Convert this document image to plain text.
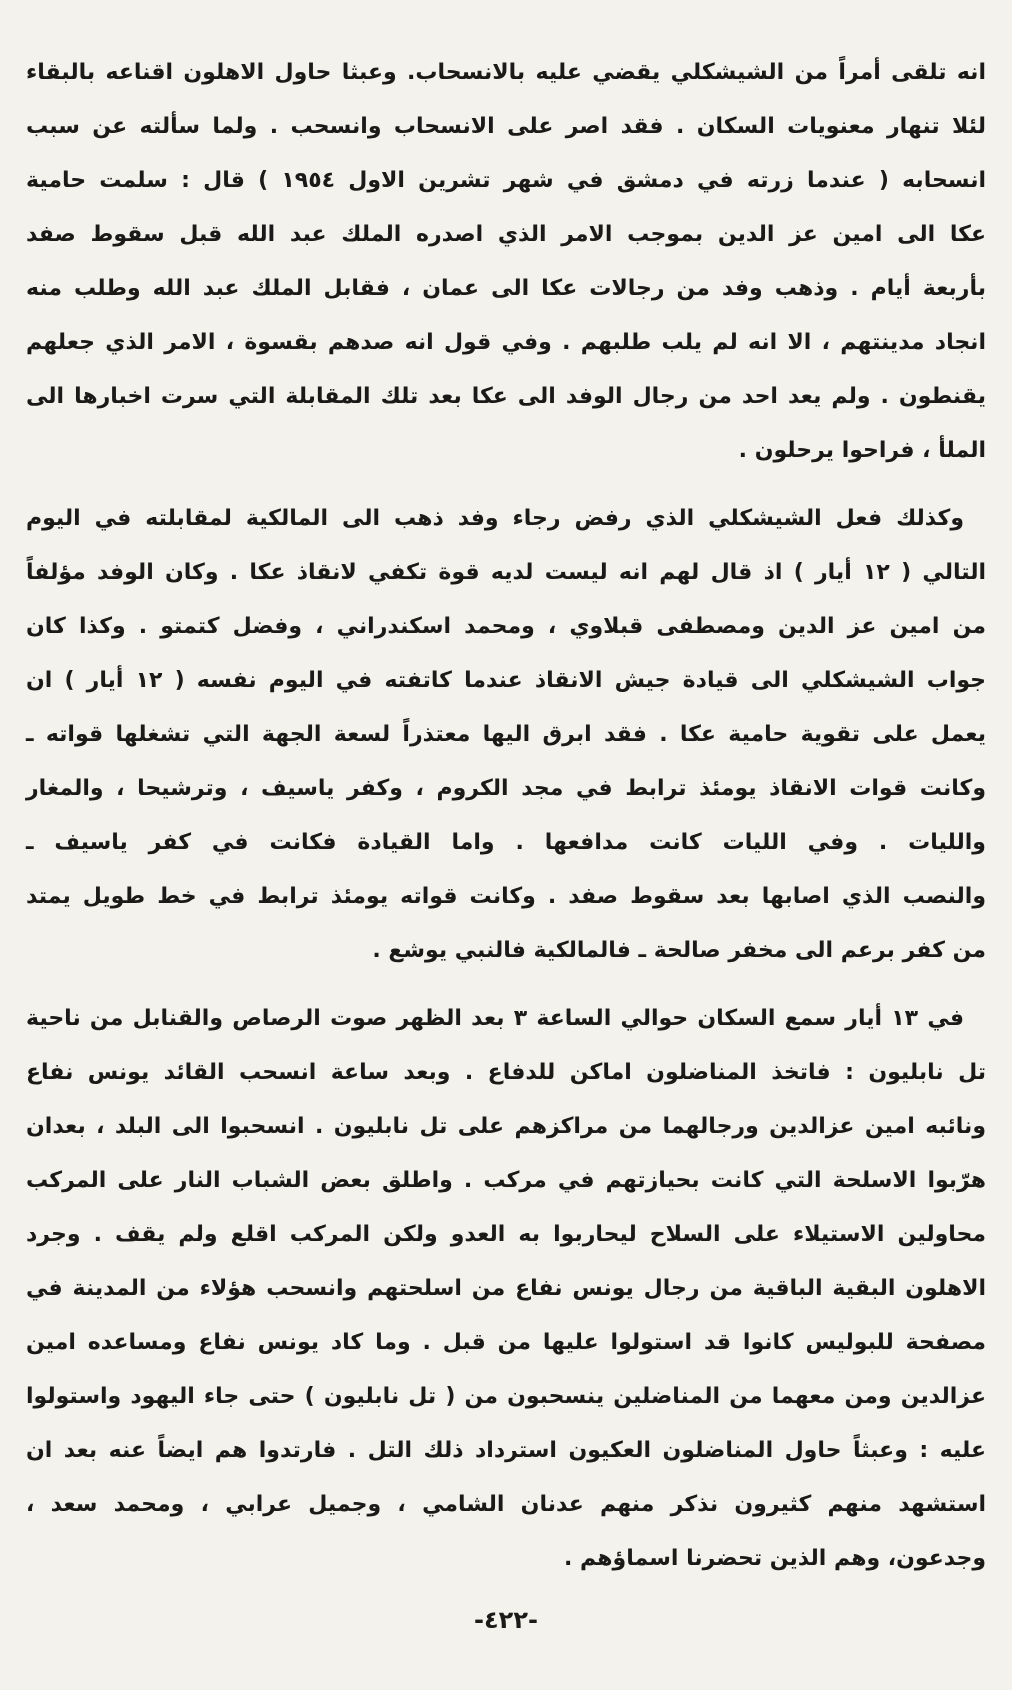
انه تلقى أمراً من الشيشكلي يقضي عليه بالانسحاب. وعبثا حاول الاهلون اقناعه بالبقاء
لئلا تنهار معنويات السكان . فقد اصر على الانسحاب وانسحب . ولما سألته عن سبب
انسحابه ( عندما زرته في دمشق في شهر تشرين الاول ١٩٥٤ ) قال : سلمت حامية
عكا الى امين عز الدين بموجب الامر الذي اصدره الملك عبد الله قبل سقوط صفد
بأربعة أيام . وذهب وفد من رجالات عكا الى عمان ، فقابل الملك عبد الله وطلب منه
انجاد مدينتهم ، الا انه لم يلب طلبهم . وفي قول انه صدهم بقسوة ، الامر الذي جعلهم
يقنطون . ولم يعد احد من رجال الوفد الى عكا بعد تلك المقابلة التي سرت اخبارها الى
الملأ ، فراحوا يرحلون .
وكذلك فعل الشيشكلي الذي رفض رجاء وفد ذهب الى المالكية لمقابلته في اليوم
التالي ( ١٢ أيار ) اذ قال لهم انه ليست لديه قوة تكفي لانقاذ عكا . وكان الوفد مؤلفاً
من امين عز الدين ومصطفى قبلاوي ، ومحمد اسكندراني ، وفضل كتمتو . وكذا كان
جواب الشيشكلي الى قيادة جيش الانقاذ عندما كاتفته في اليوم نفسه ( ١٢ أيار ) ان
يعمل على تقوية حامية عكا . فقد ابرق اليها معتذراً لسعة الجهة التي تشغلها قواته ـ
وكانت قوات الانقاذ يومئذ ترابط في مجد الكروم ، وكفر ياسيف ، وترشيحا ، والمغار
والليات . وفي الليات كانت مدافعها . واما القيادة فكانت في كفر ياسيف ـ
والنصب الذي اصابها بعد سقوط صفد . وكانت قواته يومئذ ترابط في خط طويل يمتد
من كفر برعم الى مخفر صالحة ـ فالمالكية فالنبي يوشع .
في ١٣ أيار سمع السكان حوالي الساعة ٣ بعد الظهر صوت الرصاص والقنابل من ناحية
تل نابليون : فاتخذ المناضلون اماكن للدفاع . وبعد ساعة انسحب القائد يونس نفاع
ونائبه امين عزالدين ورجالهما من مراكزهم على تل نابليون . انسحبوا الى البلد ، بعدان
هرّبوا الاسلحة التي كانت بحيازتهم في مركب . واطلق بعض الشباب النار على المركب
محاولين الاستيلاء على السلاح ليحاربوا به العدو ولكن المركب اقلع ولم يقف . وجرد
الاهلون البقية الباقية من رجال يونس نفاع من اسلحتهم وانسحب هؤلاء من المدينة في
مصفحة للبوليس كانوا قد استولوا عليها من قبل . وما كاد يونس نفاع ومساعده امين
عزالدين ومن معهما من المناضلين ينسحبون من ( تل نابليون ) حتى جاء اليهود واستولوا
عليه : وعبثاً حاول المناضلون العكيون استرداد ذلك التل . فارتدوا هم ايضاً عنه بعد ان
استشهد منهم كثيرون نذكر منهم عدنان الشامي ، وجميل عرابي ، ومحمد سعد ،
وجدعون، وهم الذين تحضرنا اسماؤهم .
-٤٢٢-
